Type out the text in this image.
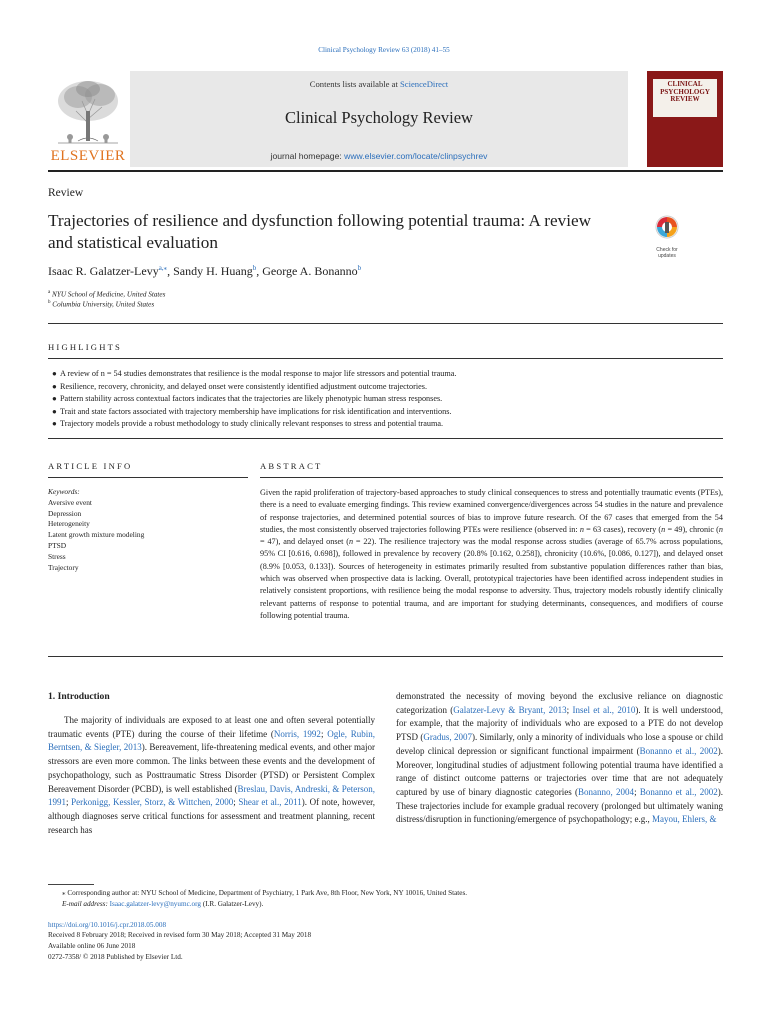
Clinical Psychology Review 63 (2018) 41–55
Contents lists available at ScienceDirect
Clinical Psychology Review
journal homepage: www.elsevier.com/locate/clinpsychrev
ELSEVIER
CLINICAL PSYCHOLOGY REVIEW
Review
Trajectories of resilience and dysfunction following potential trauma: A review and statistical evaluation	Check for updates
Isaac R. Galatzer-Levy$^{a,⁎}$, Sandy H. Huang$^b$, George A. Bonanno$^b$
$^a$ NYU School of Medicine, United States
$^b$ Columbia University, United States
HIGHLIGHTS
● A review of n = 54 studies demonstrates that resilience is the modal response to major life stressors and potential trauma.
● Resilience, recovery, chronicity, and delayed onset were consistently identified adjustment outcome trajectories.
● Pattern stability across contextual factors indicates that the trajectories are likely phenotypic human stress responses.
● Trait and state factors associated with trajectory membership have implications for risk identification and interventions.
● Trajectory models provide a robust methodology to study clinically relevant responses to stress and potential trauma.
ARTICLE INFO	ABSTRACT
Keywords:
Aversive event
Depression
Heterogeneity
Latent growth mixture modeling
PTSD
Stress
Trajectory
Given the rapid proliferation of trajectory-based approaches to study clinical consequences to stress and potentially traumatic events (PTEs), there is a need to evaluate emerging findings. This review examined convergence/divergences across 54 studies in the nature and prevalence of response trajectories, and determined potential sources of bias to improve future research. Of the 67 cases that emerged from the 54 studies, the most consistently observed trajectories following PTEs were resilience (observed in: n = 63 cases), recovery (n = 49), chronic (n = 47), and delayed onset (n = 22). The resilience trajectory was the modal response across studies (average of 65.7% across populations, 95% CI [0.616, 0.698]), followed in prevalence by recovery (20.8% [0.162, 0.258]), chronicity (10.6%, [0.086, 0.127]), and delayed onset (8.9% [0.053, 0.133]). Sources of heterogeneity in estimates primarily resulted from substantive population differences rather than bias, which was observed when prospective data is lacking. Overall, prototypical trajectories have been identified across independent studies in relatively consistent proportions, with resilience being the modal response to adversity. Thus, trajectory models robustly identify clinically relevant patterns of response to potential trauma, and are important for studying determinants, consequences, and modifiers of course following potential trauma.
1. Introduction
The majority of individuals are exposed to at least one and often several potentially traumatic events (PTE) during the course of their lifetime (Norris, 1992; Ogle, Rubin, Berntsen, & Siegler, 2013). Bereavement, life-threatening medical events, and other major stressors are even more common. The links between these events and the development of psychopathology, such as Posttraumatic Stress Disorder (PTSD) or Persistent Complex Bereavement Disorder (PCBD), is well established (Breslau, Davis, Andreski, & Peterson, 1991; Perkonigg, Kessler, Storz, & Wittchen, 2000; Shear et al., 2011). Of note, however, although diagnoses serve critical functions for assessment and treatment planning, recent research has
demonstrated the necessity of moving beyond the exclusive reliance on diagnostic categorization (Galatzer-Levy & Bryant, 2013; Insel et al., 2010). It is well understood, for example, that the majority of individuals who are exposed to a PTE do not develop PTSD (Gradus, 2007). Similarly, only a minority of individuals who lose a spouse or child develop clinical depression or significant functional impairment (Bonanno et al., 2002). Moreover, longitudinal studies of adjustment following potential trauma have identified a range of distinct outcome patterns or trajectories over time that are not adequately captured by use of binary diagnostic categories (Bonanno, 2004; Bonanno et al., 2002). These trajectories include for example gradual recovery (prolonged but ultimately waning distress/disruption in functioning/emergence of psychopathology; e.g., Mayou, Ehlers, &
⁎ Corresponding author at: NYU School of Medicine, Department of Psychiatry, 1 Park Ave, 8th Floor, New York, NY 10016, United States.
E-mail address: Isaac.galatzer-levy@nyumc.org (I.R. Galatzer-Levy).
https://doi.org/10.1016/j.cpr.2018.05.008
Received 8 February 2018; Received in revised form 30 May 2018; Accepted 31 May 2018
Available online 06 June 2018
0272-7358/ © 2018 Published by Elsevier Ltd.
